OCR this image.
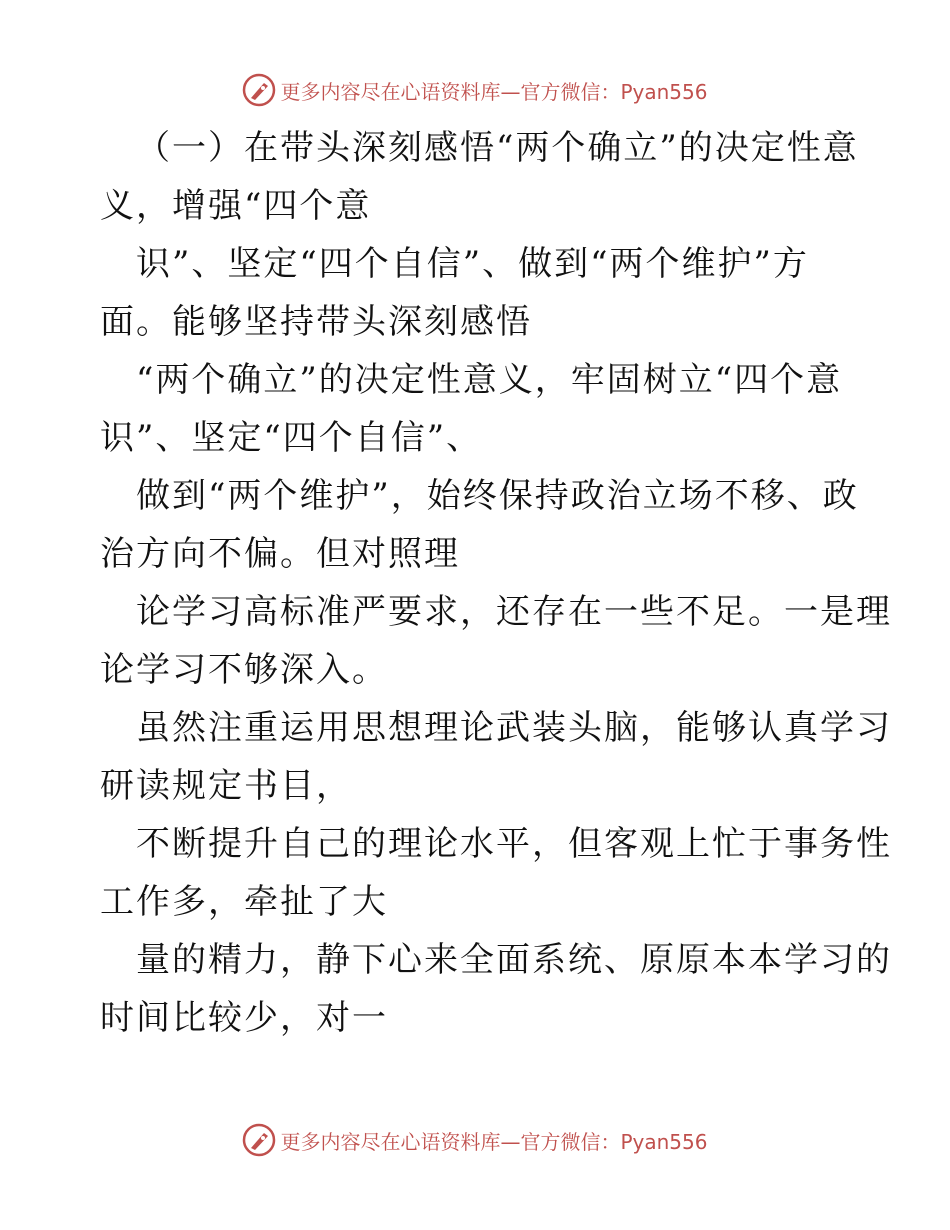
更多内容尽在心语资料库—官方微信：Pyan556
（一）在带头深刻感悟“两个确立”的决定性意
义，增强“四个意
识”、坚定“四个自信”、做到“两个维护”方
面。能够坚持带头深刻感悟
“两个确立”的决定性意义，牢固树立“四个意
识”、坚定“四个自信”、
做到“两个维护”，始终保持政治立场不移、政
治方向不偏。但对照理
论学习高标准严要求，还存在一些不足。一是理
论学习不够深入。
虽然注重运用思想理论武装头脑，能够认真学习
研读规定书目，
不断提升自己的理论水平，但客观上忙于事务性
工作多，牵扯了大
量的精力，静下心来全面系统、原原本本学习的
时间比较少，对一
更多内容尽在心语资料库—官方微信：Pyan556
